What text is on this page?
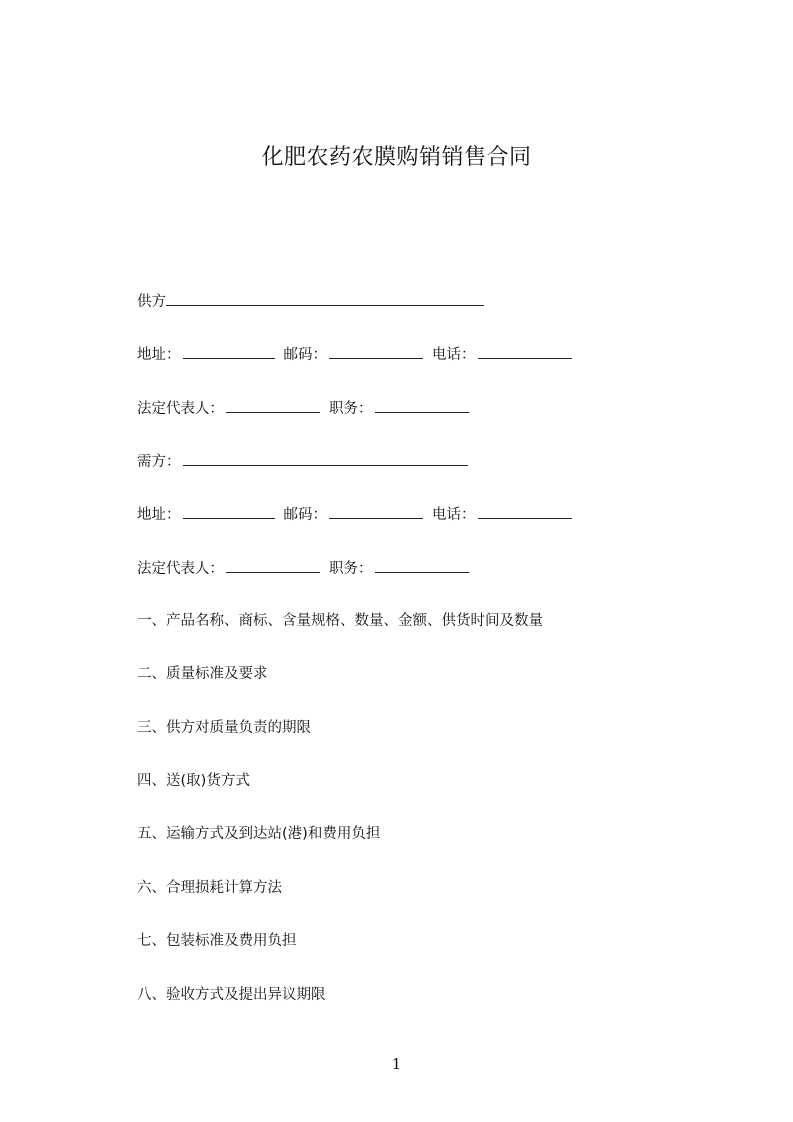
化肥农药农膜购销销售合同
供方
地址：	邮码：	电话：
法定代表人：	职务：
需方：
地址：	邮码：	电话：
法定代表人：	职务：
一、产品名称、商标、含量规格、数量、金额、供货时间及数量
二、质量标准及要求
三、供方对质量负责的期限
四、送(取)货方式
五、运输方式及到达站(港)和费用负担
六、合理损耗计算方法
七、包装标准及费用负担
八、验收方式及提出异议期限
1
